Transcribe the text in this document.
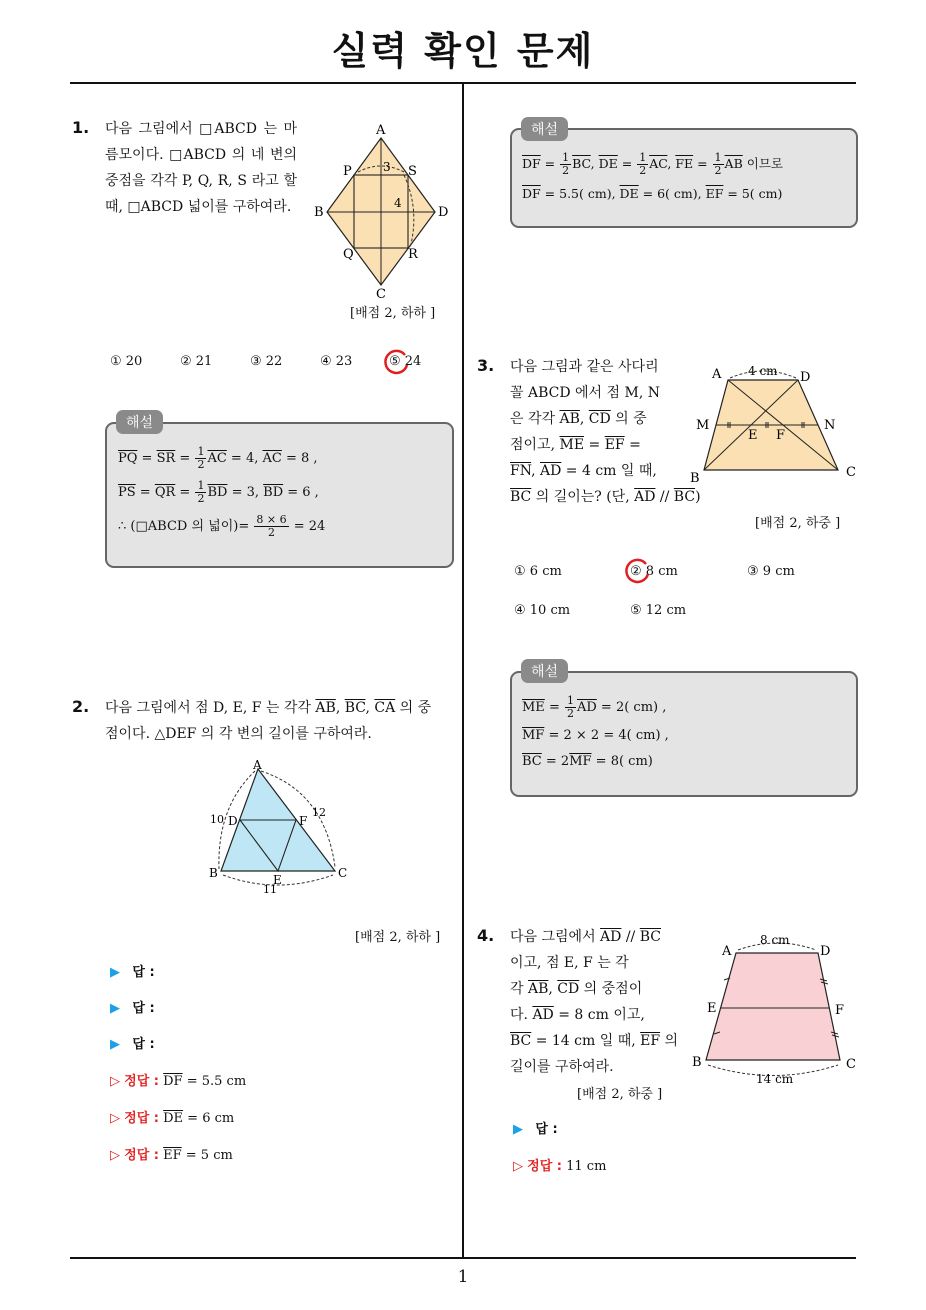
실력 확인 문제
1
1. 다음 그림에서 □ABCD 는 마름모이다. □ABCD 의 네 변의 중점을 각각 P, Q, R, S 라고 할 때, □ABCD 넓이를 구하여라.
A
B	D
C
P	S
Q	R
3
4
[배점 2, 하하 ]
① 20	② 21	③ 22	④ 23	⑤ 24
해설
$\overline{PQ} = \overline{SR} = \frac{1}{2} \overline{AC} = 4$, $\overline{AC} = 8$ ,
$\overline{PS} = \overline{QR} = \frac{1}{2} \overline{BD} = 3$, $\overline{BD} = 6$ ,
∴ (□ABCD 의 넓이)= $\frac{8 \times 6}{2} = 24$
2. 다음 그림에서 점 D, E, F 는 각각 $\overline{AB}$, $\overline{BC}$, $\overline{CA}$ 의 중
점이다. △DEF 의 각 변의 길이를 구하여라.
A
B	C
D
E
F
10
11
12
[배점 2, 하하 ]
▶ 답 :
▶ 답 :
▶ 답 :
▷ 정답 : $\overline{DF} = 5.5$ cm
▷ 정답 : $\overline{DE} = 6$ cm
▷ 정답 : $\overline{EF} = 5$ cm
해설
$\overline{DF} = \frac{1}{2} \overline{BC}$, $\overline{DE} = \frac{1}{2} \overline{AC}$, $\overline{FE} = \frac{1}{2} \overline{AB}$ 이므로
$\overline{DF} = 5.5$( cm), $\overline{DE} = 6$( cm), $\overline{EF} = 5$( cm)
3. 다음 그림과 같은 사다리
꼴 ABCD 에서 점 M, N
은 각각 $\overline{AB}$, $\overline{CD}$ 의 중
점이고, $\overline{ME} = \overline{EF}$ =
$\overline{FN}$, $\overline{AD} = 4$ cm 일 때,
$\overline{BC}$ 의 길이는? (단, $\overline{AD} // \overline{BC}$)
A	D
B	C
M	N
E F
4 cm
[배점 2, 하중 ]
① 6 cm	② 8 cm	③ 9 cm
④ 10 cm	⑤ 12 cm
해설
$\overline{ME} = \frac{1}{2} \overline{AD} = 2$( cm) ,
$\overline{MF} = 2 \times 2 = 4$( cm) ,
$\overline{BC} = 2\overline{MF} = 8$( cm)
4. 다음 그림에서 $\overline{AD} // \overline{BC}$
이고, 점 E, F 는 각
각 $\overline{AB}$, $\overline{CD}$ 의 중점이
다. $\overline{AD} = 8$ cm 이고,
$\overline{BC} = 14$ cm 일 때, $\overline{EF}$ 의
길이를 구하여라.
A	D
B	C
E	F
8 cm
14 cm
[배점 2, 하중 ]
▶ 답 :
▷ 정답 : 11 cm
